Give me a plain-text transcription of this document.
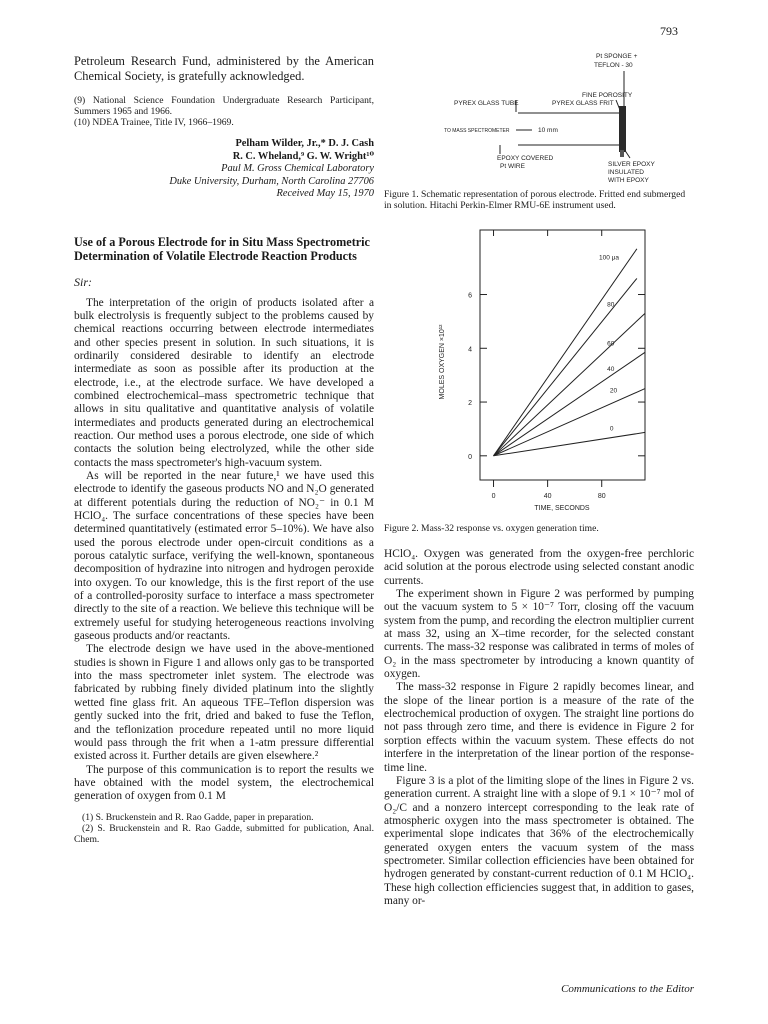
793

Petroleum Research Fund, administered by the American Chemical Society, is gratefully acknowledged.

(9) National Science Foundation Undergraduate Research Participant, Summers 1965 and 1966.

(10) NDEA Trainee, Title IV, 1966–1969.

Pelham Wilder, Jr.,* D. J. Cash
R. C. Wheland,⁹ G. W. Wright¹⁰
Paul M. Gross Chemical Laboratory
Duke University, Durham, North Carolina 27706
Received May 15, 1970
Use of a Porous Electrode for in Situ Mass Spectrometric Determination of Volatile Electrode Reaction Products

Sir:

The interpretation of the origin of products isolated after a bulk electrolysis is frequently subject to the problems caused by chemical reactions occurring between electrode intermediates and other species present in solution. In such situations, it is ordinarily considered desirable to identify an electrode intermediate as soon as possible after its production at the electrode, i.e., at the electrode surface. We have developed a combined electrochemical–mass spectrometric technique that allows in situ qualitative and quantitative analysis of volatile intermediates and products generated during an electrochemical reaction. Our method uses a porous electrode, one side of which contacts the solution being electrolyzed, while the other side contacts the mass spectrometer's high-vacuum system.

As will be reported in the near future,¹ we have used this electrode to identify the gaseous products NO and N₂O generated at different potentials during the reduction of NO₂⁻ in 0.1 M HClO₄. The surface concentrations of these species have been determined quantitatively (estimated error 5–10%). We have also used the porous electrode under open-circuit conditions as a porous catalytic surface, verifying the well-known, spontaneous decomposition of hydrazine into nitrogen and hydrogen peroxide into oxygen. To our knowledge, this is the first report of the use of a controlled-porosity surface to interface a mass spectrometer directly to the site of a reaction. We believe this technique will be extremely useful for studying heterogeneous reactions involving gaseous products and/or reactants.

The electrode design we have used in the above-mentioned studies is shown in Figure 1 and allows only gas to be transported into the mass spectrometer inlet system. The electrode was fabricated by rubbing finely divided platinum into the slightly wetted fine glass frit. An aqueous TFE–Teflon dispersion was gently sucked into the frit, dried and baked to fuse the Teflon, and the teflonization procedure repeated until no more liquid would pass through the frit when a 1-atm pressure differential existed across it. Further details are given elsewhere.²

The purpose of this communication is to report the results we have obtained with the model system, the electrochemical generation of oxygen from 0.1 M

(1) S. Bruckenstein and R. Rao Gadde, paper in preparation.

(2) S. Bruckenstein and R. Rao Gadde, submitted for publication, Anal. Chem.

Pt SPONGE +
TEFLON - 30
FINE POROSITY
PYREX GLASS TUBE	PYREX GLASS FRIT
TO MASS SPECTROMETER	10 mm
EPOXY COVERED
Pt WIRE	SILVER EPOXY
INSULATED
WITH EPOXY
Figure 1. Schematic representation of porous electrode. Fritted end submerged in solution. Hitachi Perkin-Elmer RMU-6E instrument used.
0	40	80
0
2
4
6
0
20
40
60
80
100 μa
TIME, SECONDS
MOLES OXYGEN ×10¹²
Figure 2. Mass-32 response vs. oxygen generation time.

HClO₄. Oxygen was generated from the oxygen-free perchloric acid solution at the porous electrode using selected constant anodic currents.

The experiment shown in Figure 2 was performed by pumping out the vacuum system to 5 × 10⁻⁷ Torr, closing off the vacuum system from the pump, and recording the electron multiplier current at mass 32, using an X–time recorder, for the selected constant currents. The mass-32 response was calibrated in terms of moles of O₂ in the mass spectrometer by introducing a known quantity of oxygen.

The mass-32 response in Figure 2 rapidly becomes linear, and the slope of the linear portion is a measure of the rate of the electrochemical production of oxygen. The straight line portions do not pass through zero time, and there is evidence in Figure 2 for sorption effects within the vacuum system. These effects do not interfere in the interpretation of the linear portion of the response-time line.

Figure 3 is a plot of the limiting slope of the lines in Figure 2 vs. generation current. A straight line with a slope of 9.1 × 10⁻⁷ mol of O₂/C and a nonzero intercept corresponding to the leak rate of atmospheric oxygen into the mass spectrometer is obtained. The experimental slope indicates that 36% of the electrochemically generated oxygen enters the vacuum system of the mass spectrometer. Similar collection efficiencies have been obtained for hydrogen generated by constant-current reduction of 0.1 M HClO₄. These high collection efficiencies suggest that, in addition to gases, many or-

Communications to the Editor
